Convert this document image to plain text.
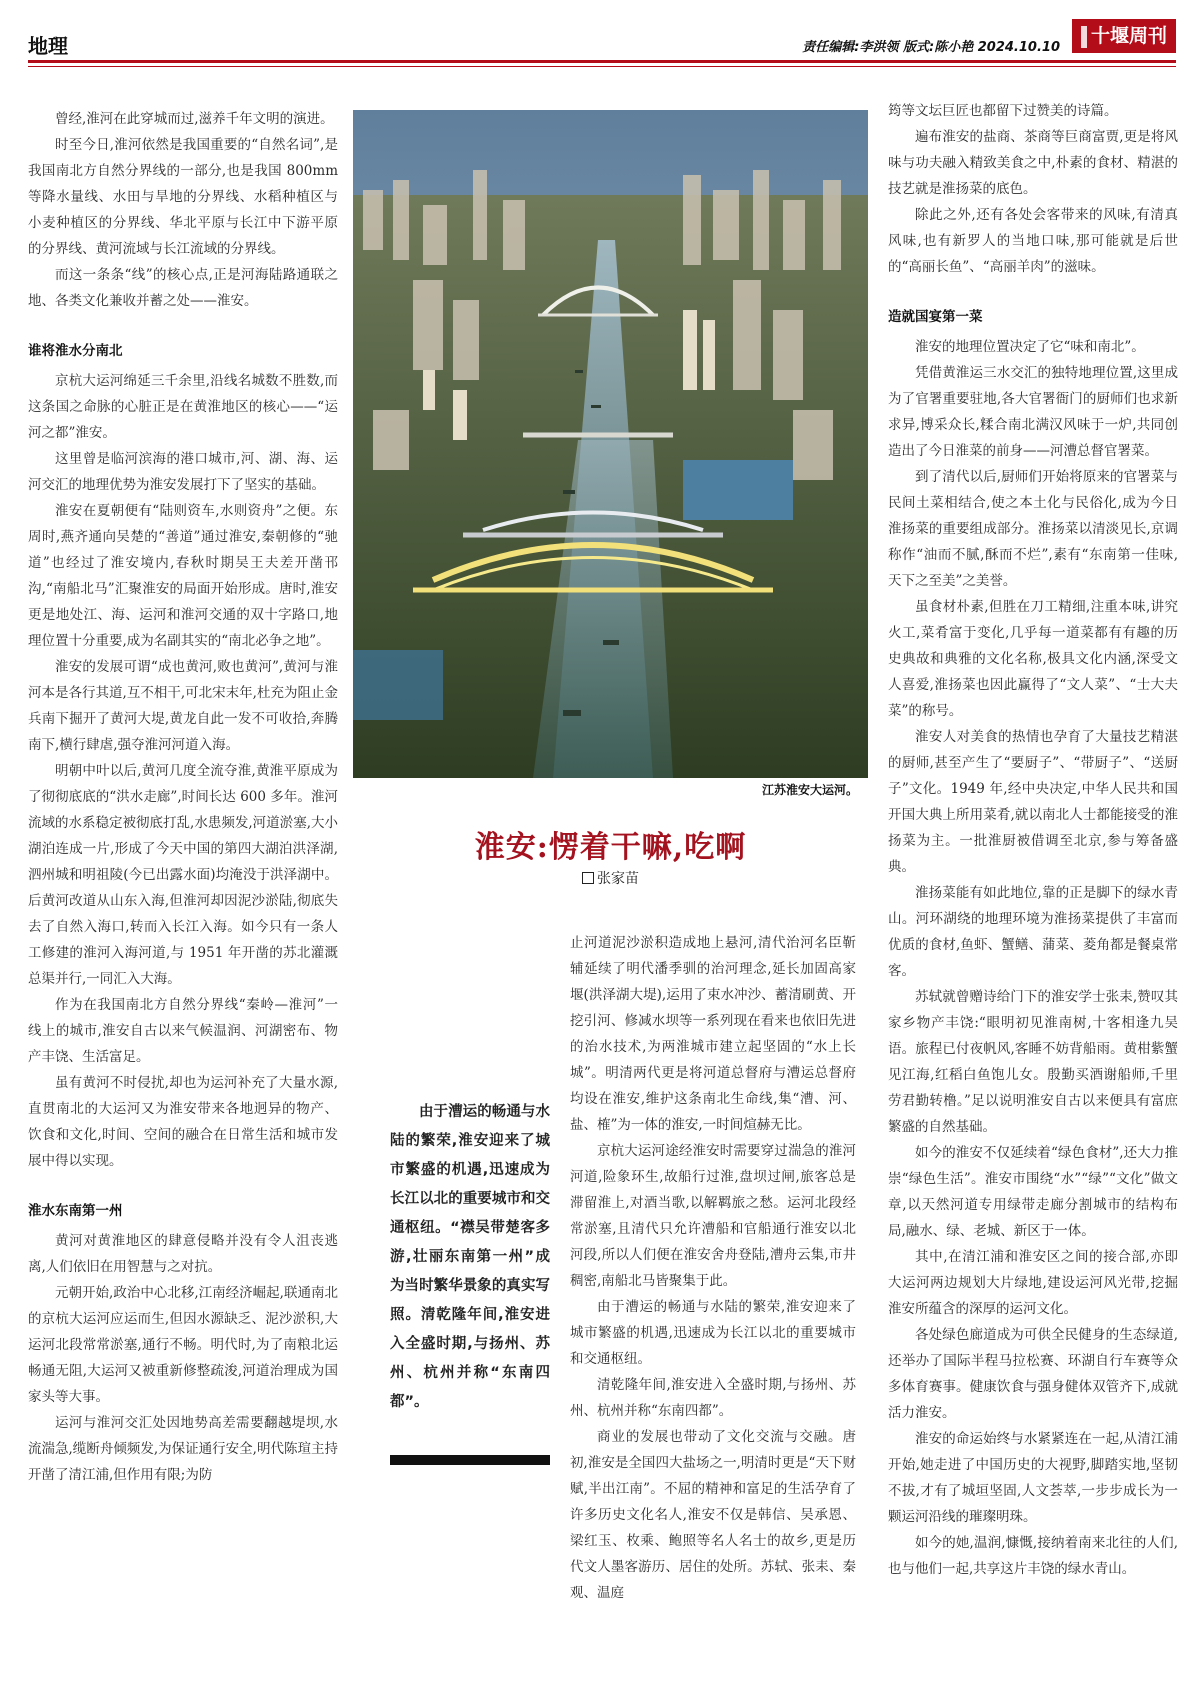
地理	责任编辑:李洪领 版式:陈小艳 2024.10.10
十堰周刊

曾经,淮河在此穿城而过,滋养千年文明的演进。

时至今日,淮河依然是我国重要的“自然名词”,是我国南北方自然分界线的一部分,也是我国 800mm 等降水量线、水田与旱地的分界线、水稻种植区与小麦种植区的分界线、华北平原与长江中下游平原的分界线、黄河流域与长江流域的分界线。

而这一条条“线”的核心点,正是河海陆路通联之地、各类文化兼收并蓄之处——淮安。

谁将淮水分南北

京杭大运河绵延三千余里,沿线名城数不胜数,而这条国之命脉的心脏正是在黄淮地区的核心——“运河之都”淮安。

这里曾是临河滨海的港口城市,河、湖、海、运河交汇的地理优势为淮安发展打下了坚实的基础。

淮安在夏朝便有“陆则资车,水则资舟”之便。东周时,燕齐通向吴楚的“善道”通过淮安,秦朝修的“驰道”也经过了淮安境内,春秋时期吴王夫差开凿邗沟,“南船北马”汇聚淮安的局面开始形成。唐时,淮安更是地处江、海、运河和淮河交通的双十字路口,地理位置十分重要,成为名副其实的“南北必争之地”。

淮安的发展可谓“成也黄河,败也黄河”,黄河与淮河本是各行其道,互不相干,可北宋末年,杜充为阻止金兵南下掘开了黄河大堤,黄龙自此一发不可收拾,奔腾南下,横行肆虐,强夺淮河河道入海。

明朝中叶以后,黄河几度全流夺淮,黄淮平原成为了彻彻底底的“洪水走廊”,时间长达 600 多年。淮河流域的水系稳定被彻底打乱,水患频发,河道淤塞,大小湖泊连成一片,形成了今天中国的第四大湖泊洪泽湖,泗州城和明祖陵(今已出露水面)均淹没于洪泽湖中。后黄河改道从山东入海,但淮河却因泥沙淤陆,彻底失去了自然入海口,转而入长江入海。如今只有一条人工修建的淮河入海河道,与 1951 年开凿的苏北灌溉总渠并行,一同汇入大海。

作为在我国南北方自然分界线“秦岭—淮河”一线上的城市,淮安自古以来气候温润、河湖密布、物产丰饶、生活富足。

虽有黄河不时侵扰,却也为运河补充了大量水源,直贯南北的大运河又为淮安带来各地迥异的物产、饮食和文化,时间、空间的融合在日常生活和城市发展中得以实现。

淮水东南第一州

黄河对黄淮地区的肆意侵略并没有令人沮丧逃离,人们依旧在用智慧与之对抗。

元朝开始,政治中心北移,江南经济崛起,联通南北的京杭大运河应运而生,但因水源缺乏、泥沙淤积,大运河北段常常淤塞,通行不畅。明代时,为了南粮北运畅通无阻,大运河又被重新修整疏浚,河道治理成为国家头等大事。

运河与淮河交汇处因地势高差需要翻越堤坝,水流湍急,缆断舟倾频发,为保证通行安全,明代陈瑄主持开凿了清江浦,但作用有限;为防

江苏淮安大运河。
淮安:愣着干嘛,吃啊
张家苗

由于漕运的畅通与水陆的繁荣,淮安迎来了城市繁盛的机遇,迅速成为长江以北的重要城市和交通枢纽。“襟吴带楚客多游,壮丽东南第一州”成为当时繁华景象的真实写照。清乾隆年间,淮安进入全盛时期,与扬州、苏州、杭州并称“东南四都”。

止河道泥沙淤积造成地上悬河,清代治河名臣靳辅延续了明代潘季驯的治河理念,延长加固高家堰(洪泽湖大堤),运用了束水冲沙、蓄清刷黄、开挖引河、修减水坝等一系列现在看来也依旧先进的治水技术,为两淮城市建立起坚固的“水上长城”。明清两代更是将河道总督府与漕运总督府均设在淮安,维护这条南北生命线,集“漕、河、盐、榷”为一体的淮安,一时间煊赫无比。

京杭大运河途经淮安时需要穿过湍急的淮河河道,险象环生,故船行过淮,盘坝过闸,旅客总是滞留淮上,对酒当歌,以解羁旅之愁。运河北段经常淤塞,且清代只允许漕船和官船通行淮安以北河段,所以人们便在淮安舍舟登陆,漕舟云集,市井稠密,南船北马皆聚集于此。

由于漕运的畅通与水陆的繁荣,淮安迎来了城市繁盛的机遇,迅速成为长江以北的重要城市和交通枢纽。

清乾隆年间,淮安进入全盛时期,与扬州、苏州、杭州并称“东南四都”。

商业的发展也带动了文化交流与交融。唐初,淮安是全国四大盐场之一,明清时更是“天下财赋,半出江南”。不屈的精神和富足的生活孕育了许多历史文化名人,淮安不仅是韩信、吴承恩、梁红玉、枚乘、鲍照等名人名士的故乡,更是历代文人墨客游历、居住的处所。苏轼、张耒、秦观、温庭

筠等文坛巨匠也都留下过赞美的诗篇。

遍布淮安的盐商、茶商等巨商富贾,更是将风味与功夫融入精致美食之中,朴素的食材、精湛的技艺就是淮扬菜的底色。

除此之外,还有各处会客带来的风味,有清真风味,也有新罗人的当地口味,那可能就是后世的“高丽长鱼”、“高丽羊肉”的滋味。

造就国宴第一菜

淮安的地理位置决定了它“味和南北”。

凭借黄淮运三水交汇的独特地理位置,这里成为了官署重要驻地,各大官署衙门的厨师们也求新求异,博采众长,糅合南北满汉风味于一炉,共同创造出了今日淮菜的前身——河漕总督官署菜。

到了清代以后,厨师们开始将原来的官署菜与民间土菜相结合,使之本土化与民俗化,成为今日淮扬菜的重要组成部分。淮扬菜以清淡见长,京调称作“油而不腻,酥而不烂”,素有“东南第一佳味,天下之至美”之美誉。

虽食材朴素,但胜在刀工精细,注重本味,讲究火工,菜肴富于变化,几乎每一道菜都有有趣的历史典故和典雅的文化名称,极具文化内涵,深受文人喜爱,淮扬菜也因此赢得了“文人菜”、“士大夫菜”的称号。

淮安人对美食的热情也孕育了大量技艺精湛的厨师,甚至产生了“要厨子”、“带厨子”、“送厨子”文化。1949 年,经中央决定,中华人民共和国开国大典上所用菜肴,就以南北人士都能接受的淮扬菜为主。一批淮厨被借调至北京,参与筹备盛典。

淮扬菜能有如此地位,靠的正是脚下的绿水青山。河环湖绕的地理环境为淮扬菜提供了丰富而优质的食材,鱼虾、蟹鳝、蒲菜、菱角都是餐桌常客。

苏轼就曾赠诗给门下的淮安学士张耒,赞叹其家乡物产丰饶:“眼明初见淮南树,十客相逢九吴语。旅程已付夜帆风,客睡不妨背船雨。黄柑紫蟹见江海,红稻白鱼饱儿女。殷勤买酒谢船师,千里劳君勤转橹。”足以说明淮安自古以来便具有富庶繁盛的自然基础。

如今的淮安不仅延续着“绿色食材”,还大力推崇“绿色生活”。淮安市围绕“水”“绿”“文化”做文章,以天然河道专用绿带走廊分割城市的结构布局,融水、绿、老城、新区于一体。

其中,在清江浦和淮安区之间的接合部,亦即大运河两边规划大片绿地,建设运河风光带,挖掘淮安所蕴含的深厚的运河文化。

各处绿色廊道成为可供全民健身的生态绿道,还举办了国际半程马拉松赛、环湖自行车赛等众多体育赛事。健康饮食与强身健体双管齐下,成就活力淮安。

淮安的命运始终与水紧紧连在一起,从清江浦开始,她走进了中国历史的大视野,脚踏实地,坚韧不拔,才有了城垣坚固,人文荟萃,一步步成长为一颗运河沿线的璀璨明珠。

如今的她,温润,慷慨,接纳着南来北往的人们,也与他们一起,共享这片丰饶的绿水青山。
